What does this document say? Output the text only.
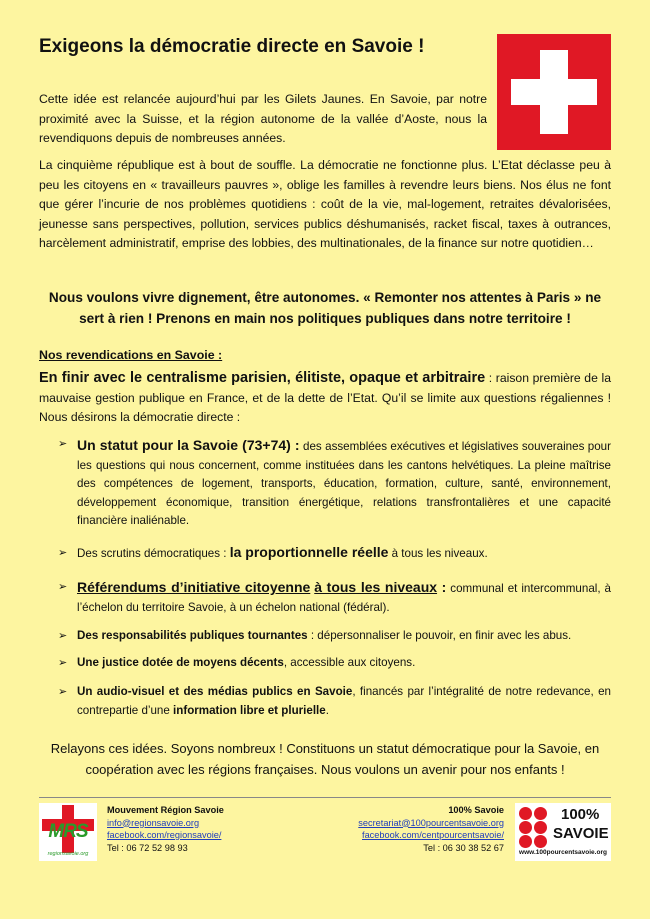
Exigeons la démocratie directe en Savoie !

Cette idée est relancée aujourd’hui par les Gilets Jaunes. En Savoie, par notre proximité avec la Suisse, et la région autonome de la vallée d’Aoste, nous la revendiquons depuis de nombreuses années.

La cinquième république est à bout de souffle. La démocratie ne fonctionne plus. L’Etat déclasse peu à peu les citoyens en « travailleurs pauvres », oblige les familles à revendre leurs biens. Nos élus ne font que gérer l’incurie de nos problèmes quotidiens : coût de la vie, mal-logement, retraites dévalorisées, jeunesse sans perspectives, pollution, services publics déshumanisés, racket fiscal, taxes à outrances, harcèlement administratif, emprise des lobbies, des multinationales, de la finance sur notre quotidien…

Nous voulons vivre dignement, être autonomes. « Remonter nos attentes à Paris » ne sert à rien ! Prenons en main nos politiques publiques dans notre territoire !

Nos revendications en Savoie :

En finir avec le centralisme parisien, élitiste, opaque et arbitraire : raison première de la mauvaise gestion publique en France, et de la dette de l’Etat. Qu’il se limite aux questions régaliennes ! Nous désirons la démocratie directe :

➢ Un statut pour la Savoie (73+74) : des assemblées exécutives et législatives souveraines pour les questions qui nous concernent, comme instituées dans les cantons helvétiques. La pleine maîtrise des compétences de logement, transports, éducation, formation, culture, santé, environnement, développement économique, transition énergétique, relations transfrontalières et une capacité financière inaliénable.

➢ Des scrutins démocratiques : la proportionnelle réelle à tous les niveaux.

➢ Référendums d’initiative citoyenne à tous les niveaux : communal et intercommunal, à l’échelon du territoire Savoie, à un échelon national (fédéral).

➢ Des responsabilités publiques tournantes : dépersonnaliser le pouvoir, en finir avec les abus.

➢ Une justice dotée de moyens décents, accessible aux citoyens.

➢ Un audio-visuel et des médias publics en Savoie, financés par l’intégralité de notre redevance, en contrepartie d’une information libre et plurielle.

Relayons ces idées. Soyons nombreux ! Constituons un statut démocratique pour la Savoie, en coopération avec les régions françaises. Nous voulons un avenir pour nos enfants !

MRS
regionsavoie.org
Mouvement Région Savoie
info@regionsavoie.org
facebook.com/regionsavoie/
Tel : 06 72 52 98 93
100% Savoie
secretariat@100pourcentsavoie.org
facebook.com/centpourcentsavoie/
Tel : 06 30 38 52 67
100%
SAVOIE
www.100pourcentsavoie.org
